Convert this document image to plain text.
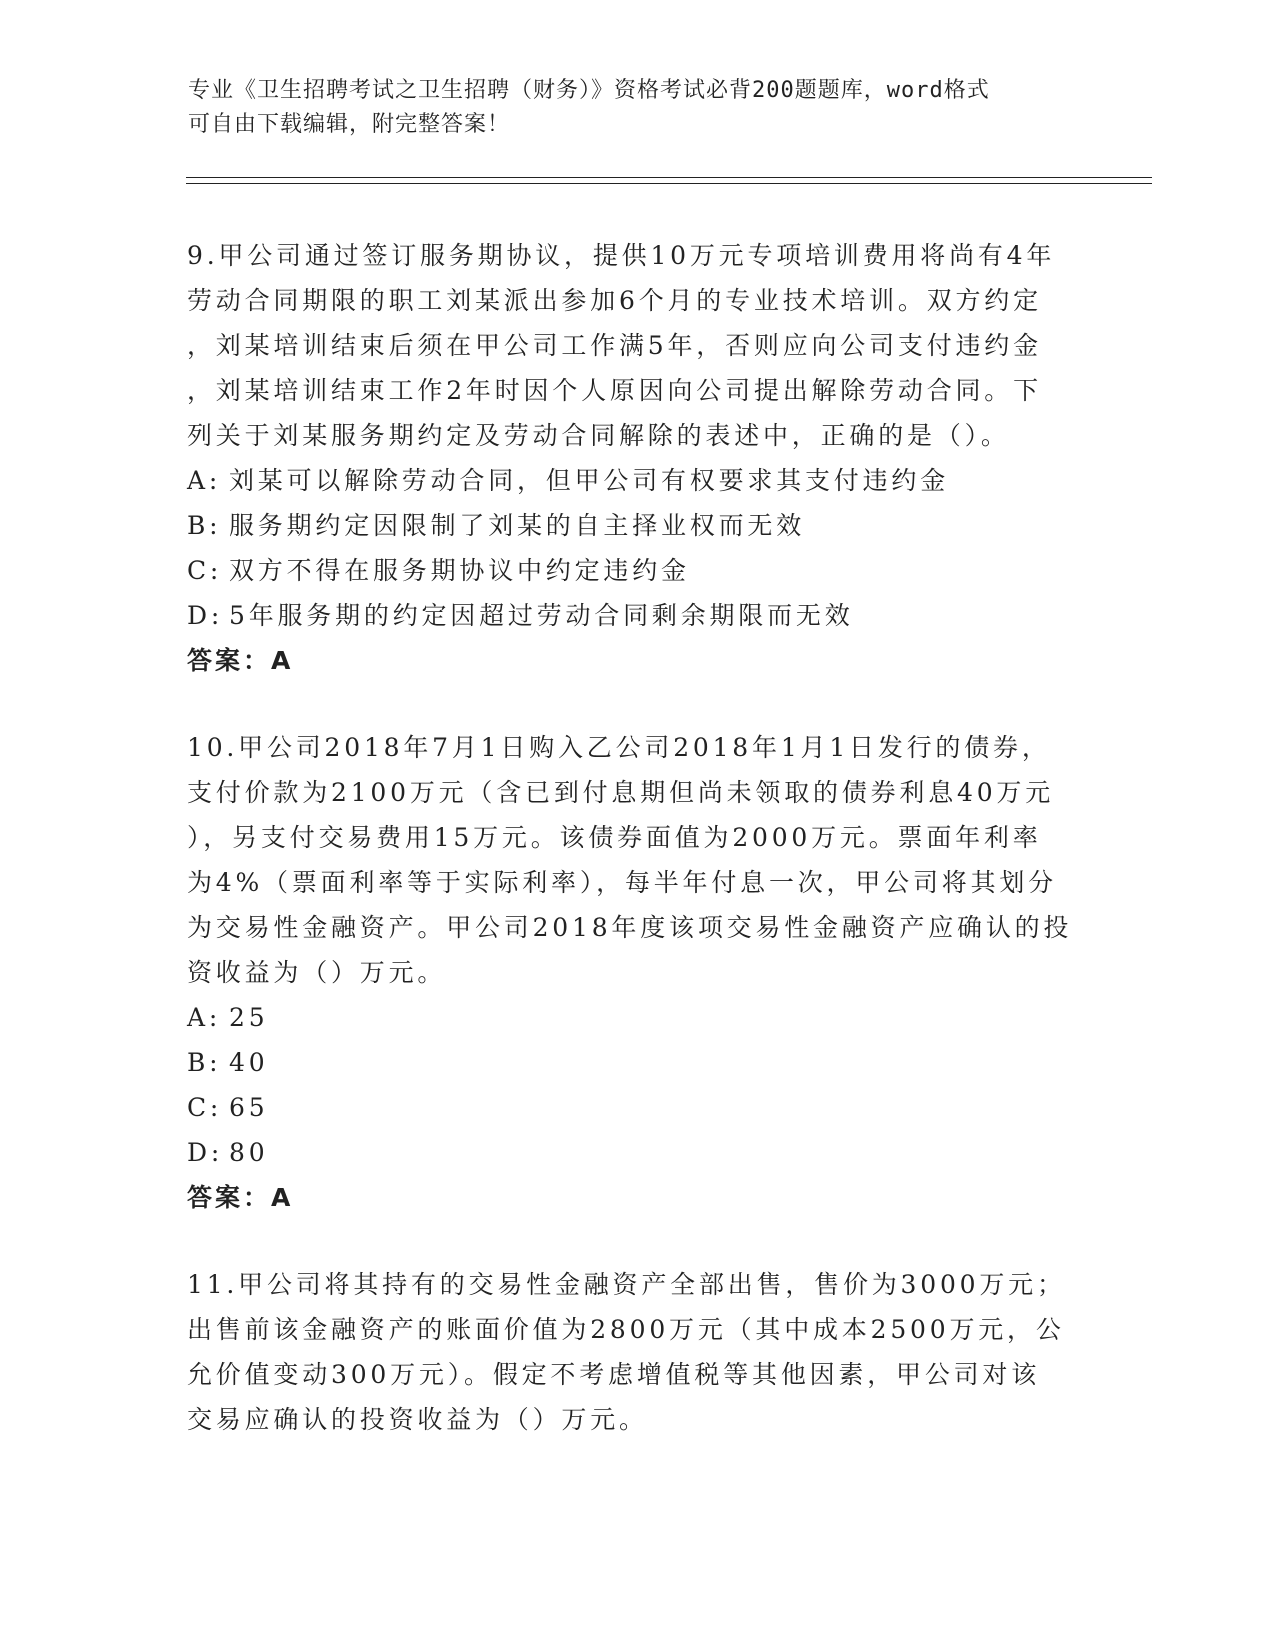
专业《卫生招聘考试之卫生招聘（财务）》资格考试必背200题题库，word格式
可自由下载编辑，附完整答案！
9.甲公司通过签订服务期协议，提供10万元专项培训费用将尚有4年
劳动合同期限的职工刘某派出参加6个月的专业技术培训。双方约定
，刘某培训结束后须在甲公司工作满5年，否则应向公司支付违约金
，刘某培训结束工作2年时因个人原因向公司提出解除劳动合同。下
列关于刘某服务期约定及劳动合同解除的表述中，正确的是（）。
A: 刘某可以解除劳动合同，但甲公司有权要求其支付违约金
B: 服务期约定因限制了刘某的自主择业权而无效
C: 双方不得在服务期协议中约定违约金
D: 5年服务期的约定因超过劳动合同剩余期限而无效
答案：A
10.甲公司2018年7月1日购入乙公司2018年1月1日发行的债券，
支付价款为2100万元（含已到付息期但尚未领取的债券利息40万元
），另支付交易费用15万元。该债券面值为2000万元。票面年利率
为4%（票面利率等于实际利率），每半年付息一次，甲公司将其划分
为交易性金融资产。甲公司2018年度该项交易性金融资产应确认的投
资收益为（）万元。
A: 25
B: 40
C: 65
D: 80
答案：A
11.甲公司将其持有的交易性金融资产全部出售，售价为3000万元；
出售前该金融资产的账面价值为2800万元（其中成本2500万元，公
允价值变动300万元）。假定不考虑增值税等其他因素，甲公司对该
交易应确认的投资收益为（）万元。
